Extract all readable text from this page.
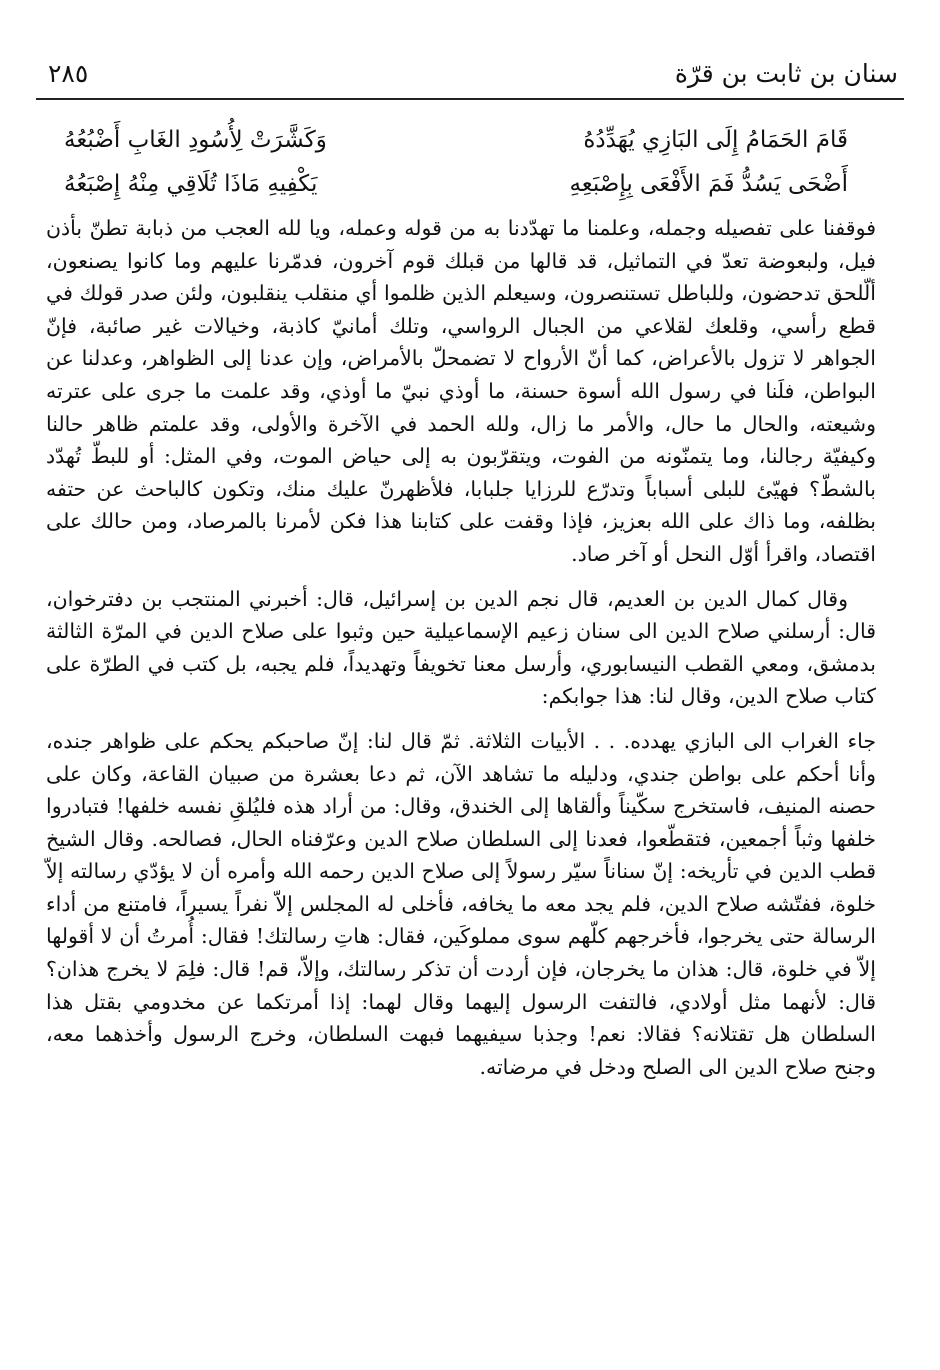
سنان بن ثابت بن قرّة
٢٨٥
قَامَ الحَمَامُ إِلَى البَازِي يُهَدِّدُهُ
وَكَشَّرَتْ لِأُسُودِ الغَابِ أَضْبُعُهُ
أَضْحَى يَسُدُّ فَمَ الأَفْعَى بِإِصْبَعِهِ
يَكْفِيهِ مَاذَا تُلَاقِي مِنْهُ إِصْبَعُهُ

فوقفنا على تفصيله وجمله، وعلمنا ما تهدّدنا به من قوله وعمله، ويا لله العجب من ذبابة تطنّ بأذن فيل، ولبعوضة تعدّ في التماثيل، قد قالها من قبلك قوم آخرون، فدمّرنا عليهم وما كانوا يصنعون، ألّلحق تدحضون، وللباطل تستنصرون، وسيعلم الذين ظلموا أي منقلب ينقلبون، ولئن صدر قولك في قطع رأسي، وقلعك لقلاعي من الجبال الرواسي، وتلك أمانيّ كاذبة، وخيالات غير صائبة، فإنّ الجواهر لا تزول بالأعراض، كما أنّ الأرواح لا تضمحلّ بالأمراض، وإن عدنا إلى الظواهر، وعدلنا عن البواطن، فلَنا في رسول الله أسوة حسنة، ما أوذي نبيّ ما أوذي، وقد علمت ما جرى على عترته وشيعته، والحال ما حال، والأمر ما زال، ولله الحمد في الآخرة والأولى، وقد علمتم ظاهر حالنا وكيفيّة رجالنا، وما يتمنّونه من الفوت، ويتقرّبون به إلى حياض الموت، وفي المثل: أو للبطّ تُهدّد بالشطّ؟ فهيّئ للبلى أسباباً وتدرّع للرزايا جلبابا، فلأظهرنّ عليك منك، وتكون كالباحث عن حتفه بظلفه، وما ذاك على الله بعزيز، فإذا وقفت على كتابنا هذا فكن لأمرنا بالمرصاد، ومن حالك على اقتصاد، واقرأ أوّل النحل أو آخر صاد.

وقال كمال الدين بن العديم، قال نجم الدين بن إسرائيل، قال: أخبرني المنتجب بن دفترخوان، قال: أرسلني صلاح الدين الى سنان زعيم الإسماعيلية حين وثبوا على صلاح الدين في المرّة الثالثة بدمشق، ومعي القطب النيسابوري، وأرسل معنا تخويفاً وتهديداً، فلم يجبه، بل كتب في الطرّة على كتاب صلاح الدين، وقال لنا: هذا جوابكم:

جاء الغراب الى البازي يهدده. . . الأبيات الثلاثة. ثمّ قال لنا: إنّ صاحبكم يحكم على ظواهر جنده، وأنا أحكم على بواطن جندي، ودليله ما تشاهد الآن، ثم دعا بعشرة من صبيان القاعة، وكان على حصنه المنيف، فاستخرج سكّيناً وألقاها إلى الخندق، وقال: من أراد هذه فليُلقِ نفسه خلفها! فتبادروا خلفها وثباً أجمعين، فتقطّعوا، فعدنا إلى السلطان صلاح الدين وعرّفناه الحال، فصالحه. وقال الشيخ قطب الدين في تأريخه: إنّ سناناً سيّر رسولاً إلى صلاح الدين رحمه الله وأمره أن لا يؤدّي رسالته إلاّ خلوة، ففتّشه صلاح الدين، فلم يجد معه ما يخافه، فأخلى له المجلس إلاّ نفراً يسيراً، فامتنع من أداء الرسالة حتى يخرجوا، فأخرجهم كلّهم سوى مملوكَين، فقال: هاتِ رسالتك! فقال: أُمرتُ أن لا أقولها إلاّ في خلوة، قال: هذان ما يخرجان، فإن أردت أن تذكر رسالتك، وإلاّ، قم! قال: فلِمَ لا يخرج هذان؟ قال: لأنهما مثل أولادي، فالتفت الرسول إليهما وقال لهما: إذا أمرتكما عن مخدومي بقتل هذا السلطان هل تقتلانه؟ فقالا: نعم! وجذبا سيفيهما فبهت السلطان، وخرج الرسول وأخذهما معه، وجنح صلاح الدين الى الصلح ودخل في مرضاته.
